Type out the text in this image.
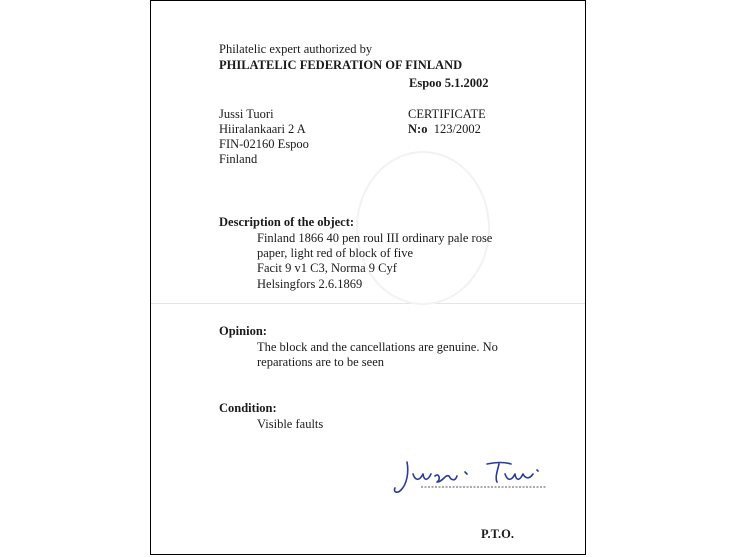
Philatelic expert authorized by
PHILATELIC FEDERATION OF FINLAND
Espoo 5.1.2002
Jussi Tuori
Hiiralankaari 2 A
FIN-02160 Espoo
Finland
CERTIFICATE
N:o 123/2002
Description of the object:
Finland 1866 40 pen roul III ordinary pale rose
paper, light red of block of five
Facit 9 v1 C3, Norma 9 Cyf
Helsingfors 2.6.1869
Opinion:
The block and the cancellations are genuine. No
reparations are to be seen
Condition:
Visible faults
P.T.O.
